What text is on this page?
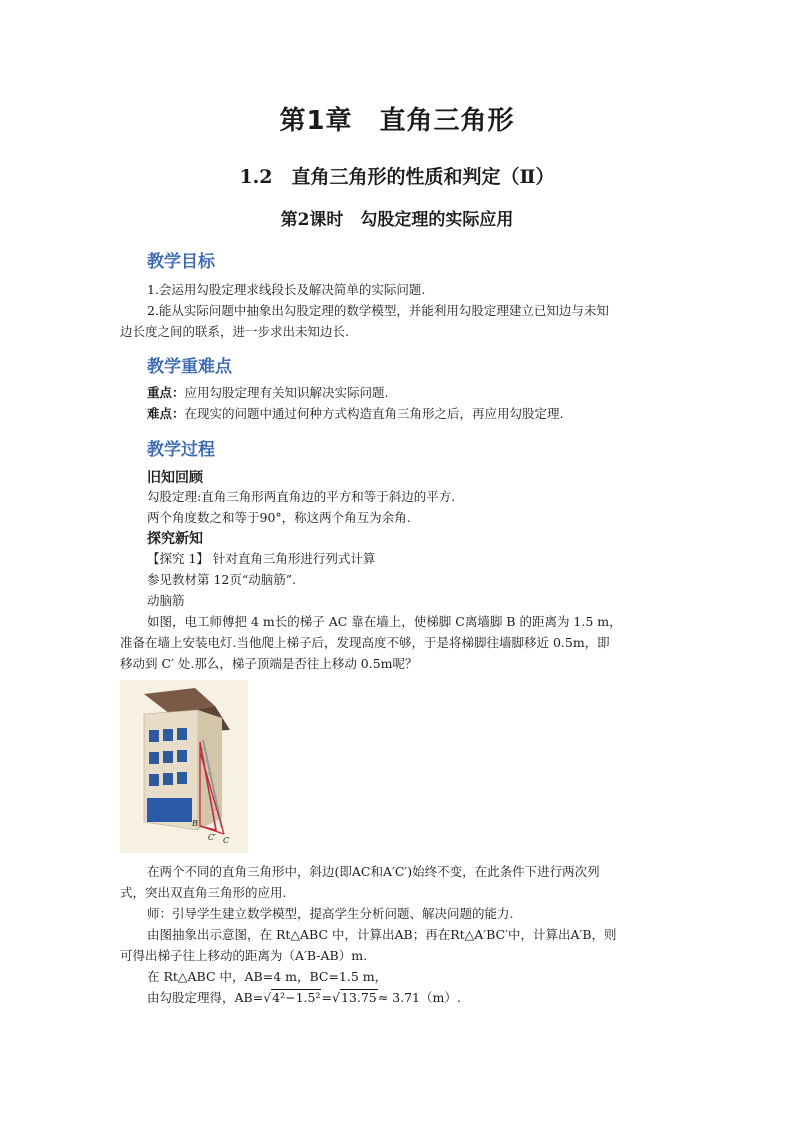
第1章　直角三角形
1.2　直角三角形的性质和判定（Ⅱ）
第2课时　勾股定理的实际应用
教学目标
1.会运用勾股定理求线段长及解决简单的实际问题.
2.能从实际问题中抽象出勾股定理的数学模型，并能利用勾股定理建立已知边与未知
边长度之间的联系，进一步求出未知边长.
教学重难点
重点：应用勾股定理有关知识解决实际问题.
难点：在现实的问题中通过何种方式构造直角三角形之后，再应用勾股定理.
教学过程
旧知回顾
勾股定理:直角三角形两直角边的平方和等于斜边的平方.
两个角度数之和等于90°，称这两个角互为余角.
探究新知
【探究 1】 针对直角三角形进行列式计算
参见教材第 12页“动脑筋”.
动脑筋
如图，电工师傅把 4 m长的梯子 AC 靠在墙上，使梯脚 C离墙脚 B 的距离为 1.5 m，
准备在墙上安装电灯.当他爬上梯子后，发现高度不够，于是将梯脚往墙脚移近 0.5m，即
移动到 C′ 处.那么，梯子顶端是否往上移动 0.5m呢？
B
C′ C
在两个不同的直角三角形中，斜边(即AC和A′C′)始终不变，在此条件下进行两次列
式，突出双直角三角形的应用.
师：引导学生建立数学模型，提高学生分析问题、解决问题的能力.
由图抽象出示意图，在 Rt△ABC 中，计算出AB；再在Rt△A′BC′中，计算出A′B，则
可得出梯子往上移动的距离为（A′B-AB）m.
在 Rt△ABC 中，AB=4 m，BC=1.5 m，
由勾股定理得，AB=√4²−1.5²=√13.75≈ 3.71（m）.
